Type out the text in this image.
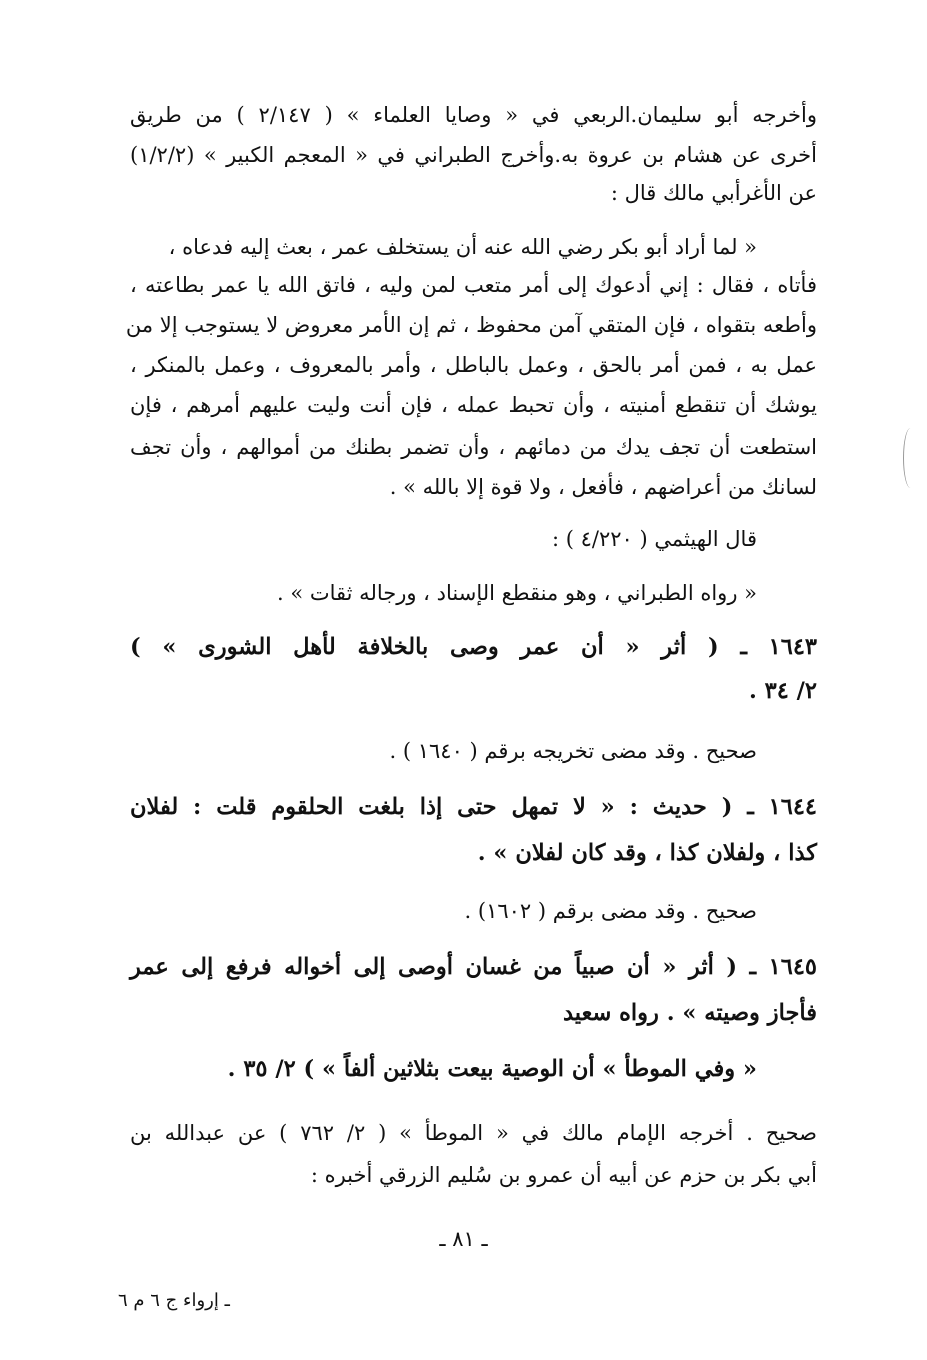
وأخرجه أبو سليمان.الربعي في « وصايا العلماء » ( ٢/١٤٧ ) من طريق
أخرى عن هشام بن عروة به.وأخرج الطبراني في « المعجم الكبير » (١/٢/٢)
عن الأغرأبي مالك قال :
« لما أراد أبو بكر رضي الله عنه أن يستخلف عمر ، بعث إليه فدعاه ،
فأتاه ، فقال : إني أدعوك إلى أمر متعب لمن وليه ، فاتق الله يا عمر بطاعته ،
وأطعه بتقواه ، فإن المتقي آمن محفوظ ، ثم إن الأمر معروض لا يستوجب إلا من
عمل به ، فمن أمر بالحق ، وعمل بالباطل ، وأمر بالمعروف ، وعمل بالمنكر ،
يوشك أن تنقطع أمنيته ، وأن تحبط عمله ، فإن أنت وليت عليهم أمرهم ، فإن
استطعت أن تجف يدك من دمائهم ، وأن تضمر بطنك من أموالهم ، وأن تجف
لسانك من أعراضهم ، فأفعل ، ولا قوة إلا بالله » .
قال الهيثمي ( ٤/٢٢٠ ) :
« رواه الطبراني ، وهو منقطع الإسناد ، ورجاله ثقات » .
١٦٤٣ ـ ( أثر « أن عمر وصى بالخلافة لأهل الشورى » )
٢/ ٣٤ .
صحيح . وقد مضى تخريجه برقم ( ١٦٤٠ ) .
١٦٤٤ ـ ( حديث : « لا تمهل حتى إذا بلغت الحلقوم قلت : لفلان
كذا ، ولفلان كذا ، وقد كان لفلان » .
صحيح . وقد مضى برقم ( ١٦٠٢) .
١٦٤٥ ـ ( أثر « أن صبياً من غسان أوصى إلى أخواله فرفع إلى عمر
فأجاز وصيته » . رواه سعيد
« وفي الموطأ » أن الوصية بيعت بثلاثين ألفاً » ) ٢/ ٣٥ .
صحيح . أخرجه الإمام مالك في « الموطأ » ( ٢/ ٧٦٢ ) عن عبدالله بن
أبي بكر بن حزم عن أبيه أن عمرو بن سُليم الزرقي أخبره :
ـ ٨١ ـ
ـ إرواء ج ٦ م ٦
